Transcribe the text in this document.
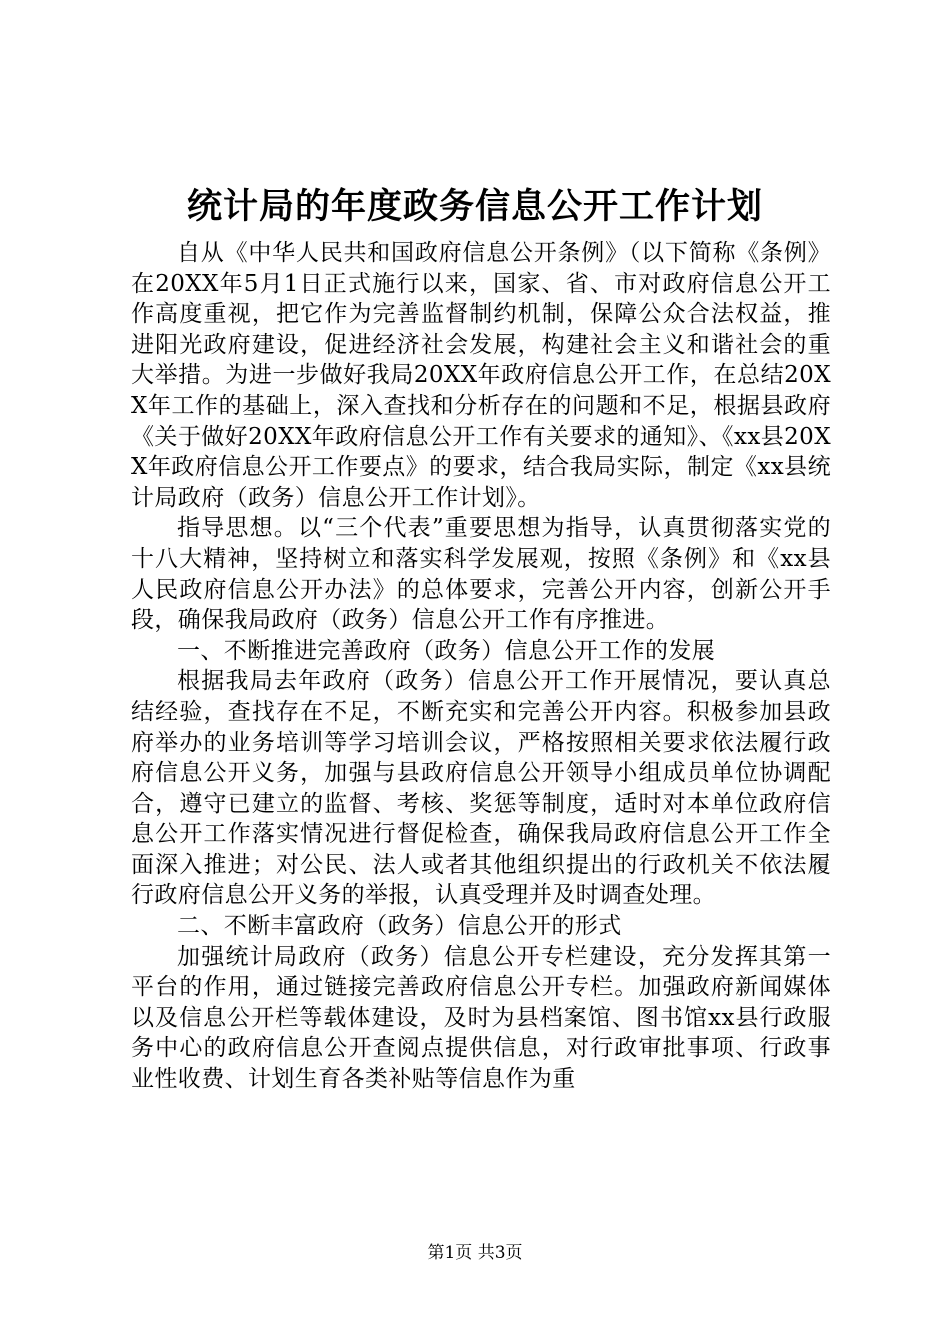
统计局的年度政务信息公开工作计划

自从《中华人民共和国政府信息公开条例》（以下简称《条例》在20XX年5月1日正式施行以来，国家、省、市对政府信息公开工作高度重视，把它作为完善监督制约机制，保障公众合法权益，推进阳光政府建设，促进经济社会发展，构建社会主义和谐社会的重大举措。为进一步做好我局20XX年政府信息公开工作，在总结20XX年工作的基础上，深入查找和分析存在的问题和不足，根据县政府《关于做好20XX年政府信息公开工作有关要求的通知》、《xx县20XX年政府信息公开工作要点》的要求，结合我局实际，制定《xx县统计局政府（政务）信息公开工作计划》。

指导思想。以“三个代表”重要思想为指导，认真贯彻落实党的十八大精神，坚持树立和落实科学发展观，按照《条例》和《xx县人民政府信息公开办法》的总体要求，完善公开内容，创新公开手段，确保我局政府（政务）信息公开工作有序推进。

一、不断推进完善政府（政务）信息公开工作的发展

根据我局去年政府（政务）信息公开工作开展情况，要认真总结经验，查找存在不足，不断充实和完善公开内容。积极参加县政府举办的业务培训等学习培训会议，严格按照相关要求依法履行政府信息公开义务，加强与县政府信息公开领导小组成员单位协调配合，遵守已建立的监督、考核、奖惩等制度，适时对本单位政府信息公开工作落实情况进行督促检查，确保我局政府信息公开工作全面深入推进；对公民、法人或者其他组织提出的行政机关不依法履行政府信息公开义务的举报，认真受理并及时调查处理。

二、不断丰富政府（政务）信息公开的形式

加强统计局政府（政务）信息公开专栏建设，充分发挥其第一平台的作用，通过链接完善政府信息公开专栏。加强政府新闻媒体以及信息公开栏等载体建设，及时为县档案馆、图书馆xx县行政服务中心的政府信息公开查阅点提供信息，对行政审批事项、行政事业性收费、计划生育各类补贴等信息作为重

第1页 共3页
